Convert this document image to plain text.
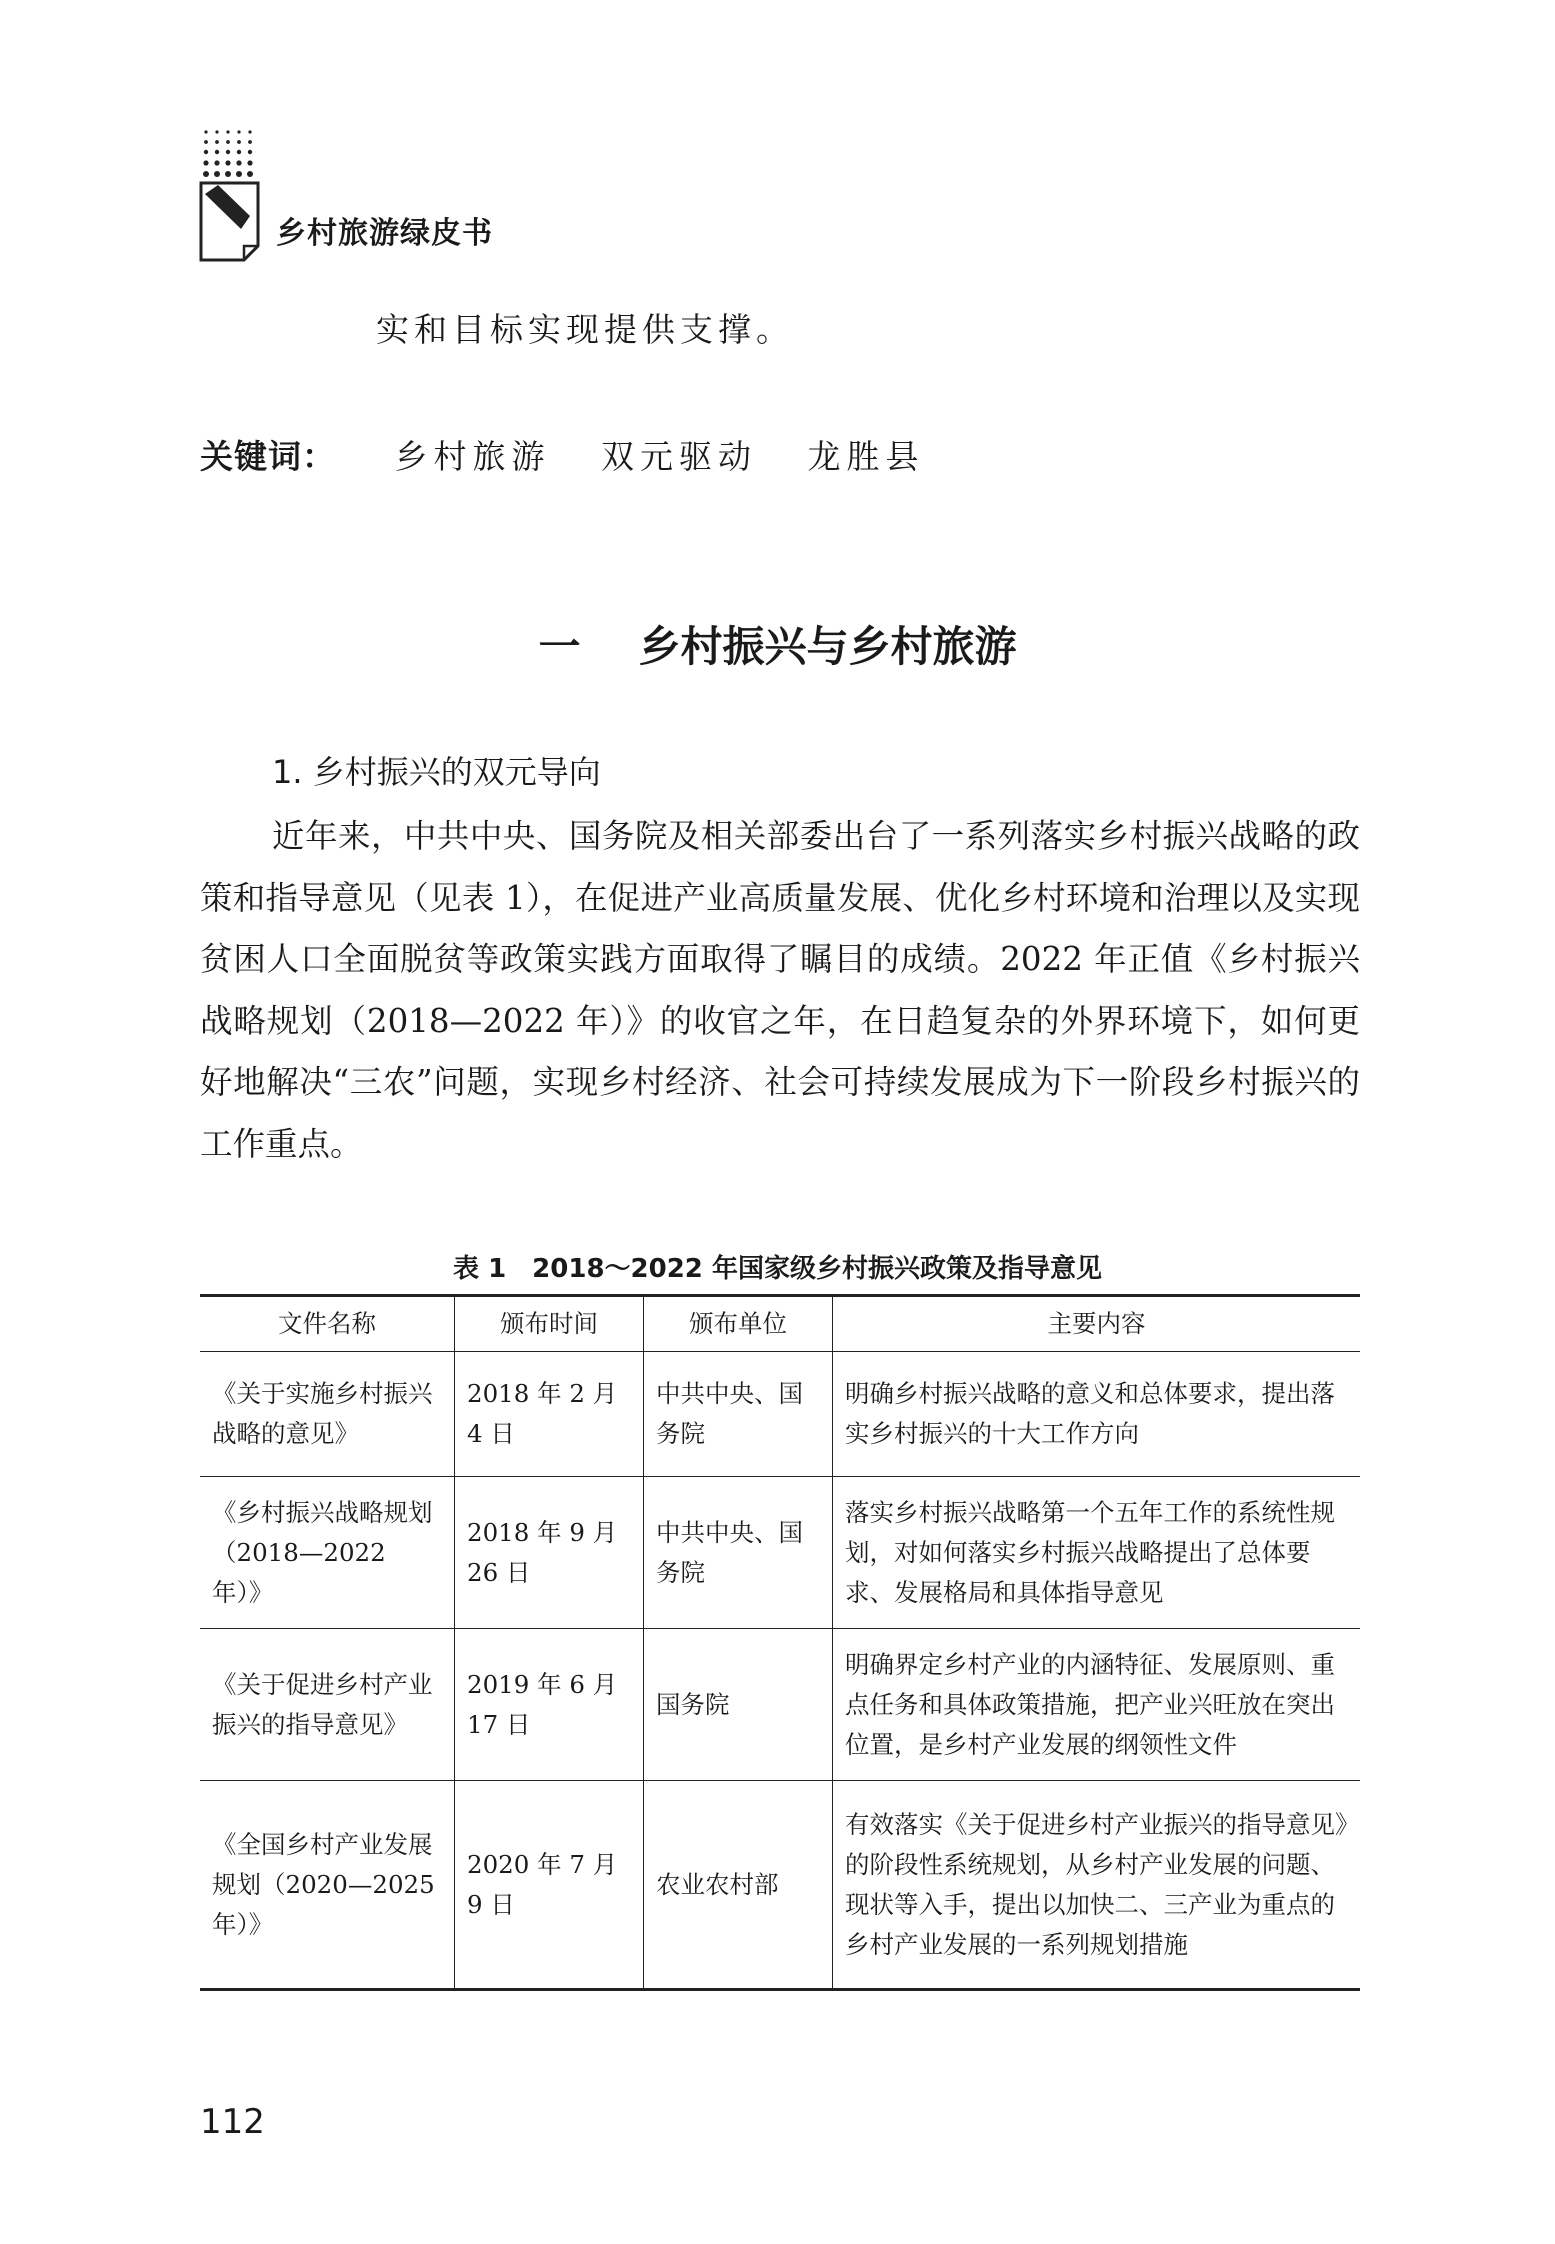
乡村旅游绿皮书
实和目标实现提供支撑。
关键词： 乡村旅游 双元驱动 龙胜县
一 乡村振兴与乡村旅游
1. 乡村振兴的双元导向

近年来，中共中央、国务院及相关部委出台了一系列落实乡村振兴战略的政策和指导意见（见表 1），在促进产业高质量发展、优化乡村环境和治理以及实现贫困人口全面脱贫等政策实践方面取得了瞩目的成绩。2022 年正值《乡村振兴战略规划（2018—2022 年）》的收官之年，在日趋复杂的外界环境下，如何更好地解决“三农”问题，实现乡村经济、社会可持续发展成为下一阶段乡村振兴的工作重点。

表 1　2018～2022 年国家级乡村振兴政策及指导意见
文件名称	颁布时间	颁布单位	主要内容
《关于实施乡村振兴战略的意见》	2018 年 2 月 4 日	中共中央、国务院	明确乡村振兴战略的意义和总体要求，提出落实乡村振兴的十大工作方向
《乡村振兴战略规划（2018—2022 年）》	2018 年 9 月 26 日	中共中央、国务院	落实乡村振兴战略第一个五年工作的系统性规划，对如何落实乡村振兴战略提出了总体要求、发展格局和具体指导意见
《关于促进乡村产业振兴的指导意见》	2019 年 6 月 17 日	国务院	明确界定乡村产业的内涵特征、发展原则、重点任务和具体政策措施，把产业兴旺放在突出位置，是乡村产业发展的纲领性文件
《全国乡村产业发展规划（2020—2025 年）》	2020 年 7 月 9 日	农业农村部	有效落实《关于促进乡村产业振兴的指导意见》的阶段性系统规划，从乡村产业发展的问题、现状等入手，提出以加快二、三产业为重点的乡村产业发展的一系列规划措施
112
